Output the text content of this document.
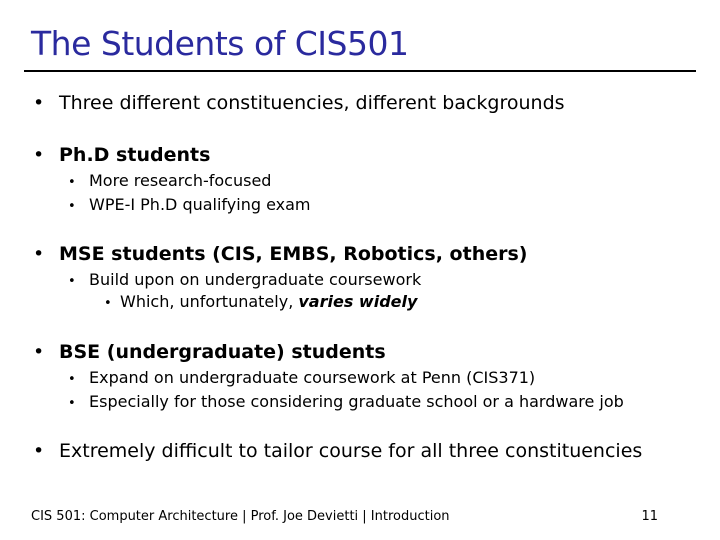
The Students of CIS501
• Three different constituencies, different backgrounds
• Ph.D students
• More research-focused
• WPE-I Ph.D qualifying exam
• MSE students (CIS, EMBS, Robotics, others)
• Build upon on undergraduate coursework
• Which, unfortunately, varies widely
• BSE (undergraduate) students
• Expand on undergraduate coursework at Penn (CIS371)
• Especially for those considering graduate school or a hardware job
• Extremely difficult to tailor course for all three constituencies
CIS 501: Computer Architecture | Prof. Joe Devietti | Introduction	11
